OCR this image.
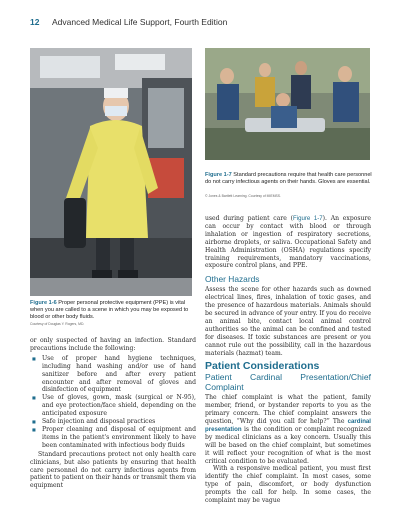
12 Advanced Medical Life Support, Fourth Edition
Figure 1-6 Proper personal protective equipment (PPE) is vital when you are called to a scene in which you may be exposed to blood or other body fluids.
Courtesy of Douglas Y. Rogers, MD.
Figure 1-7 Standard precautions require that health care personnel do not carry infectious agents on their hands. Gloves are essential.
© Jones & Bartlett Learning. Courtesy of MIEMSS.

or only suspected of having an infection. Standard precautions include the following:

■ Use of proper hand hygiene techniques, including hand washing and/or use of hand sanitizer before and after every patient encounter and after removal of gloves and disinfection of equipment
■ Use of gloves, gown, mask (surgical or N-95), and eye protection/face shield, depending on the anticipated exposure
■ Safe injection and disposal practices
■ Proper cleaning and disposal of equipment and items in the patient's environment likely to have been contaminated with infectious body fluids

Standard precautions protect not only health care clinicians, but also patients by ensuring that health care personnel do not carry infectious agents from patient to patient on their hands or transmit them via equipment

used during patient care (Figure 1-7). An exposure can occur by contact with blood or through inhalation or ingestion of respiratory secretions, airborne droplets, or saliva. Occupational Safety and Health Administration (OSHA) regulations specify training requirements, mandatory vaccinations, exposure control plans, and PPE.

Other Hazards

Assess the scene for other hazards such as downed electrical lines, fires, inhalation of toxic gases, and the presence of hazardous materials. Animals should be secured in advance of your entry. If you do receive an animal bite, contact local animal control authorities so the animal can be confined and tested for diseases. If toxic substances are present or you cannot rule out the possibility, call in the hazardous materials (hazmat) team.

Patient Considerations
Patient Cardinal Presentation/Chief Complaint

The chief complaint is what the patient, family member, friend, or bystander reports to you as the primary concern. The chief complaint answers the question, “Why did you call for help?” The cardinal presentation is the condition or complaint recognized by medical clinicians as a key concern. Usually this will be based on the chief complaint, but sometimes it will reflect your recognition of what is the most critical condition to be evaluated.

With a responsive medical patient, you must first identify the chief complaint. In most cases, some type of pain, discomfort, or body dysfunction prompts the call for help. In some cases, the complaint may be vague
